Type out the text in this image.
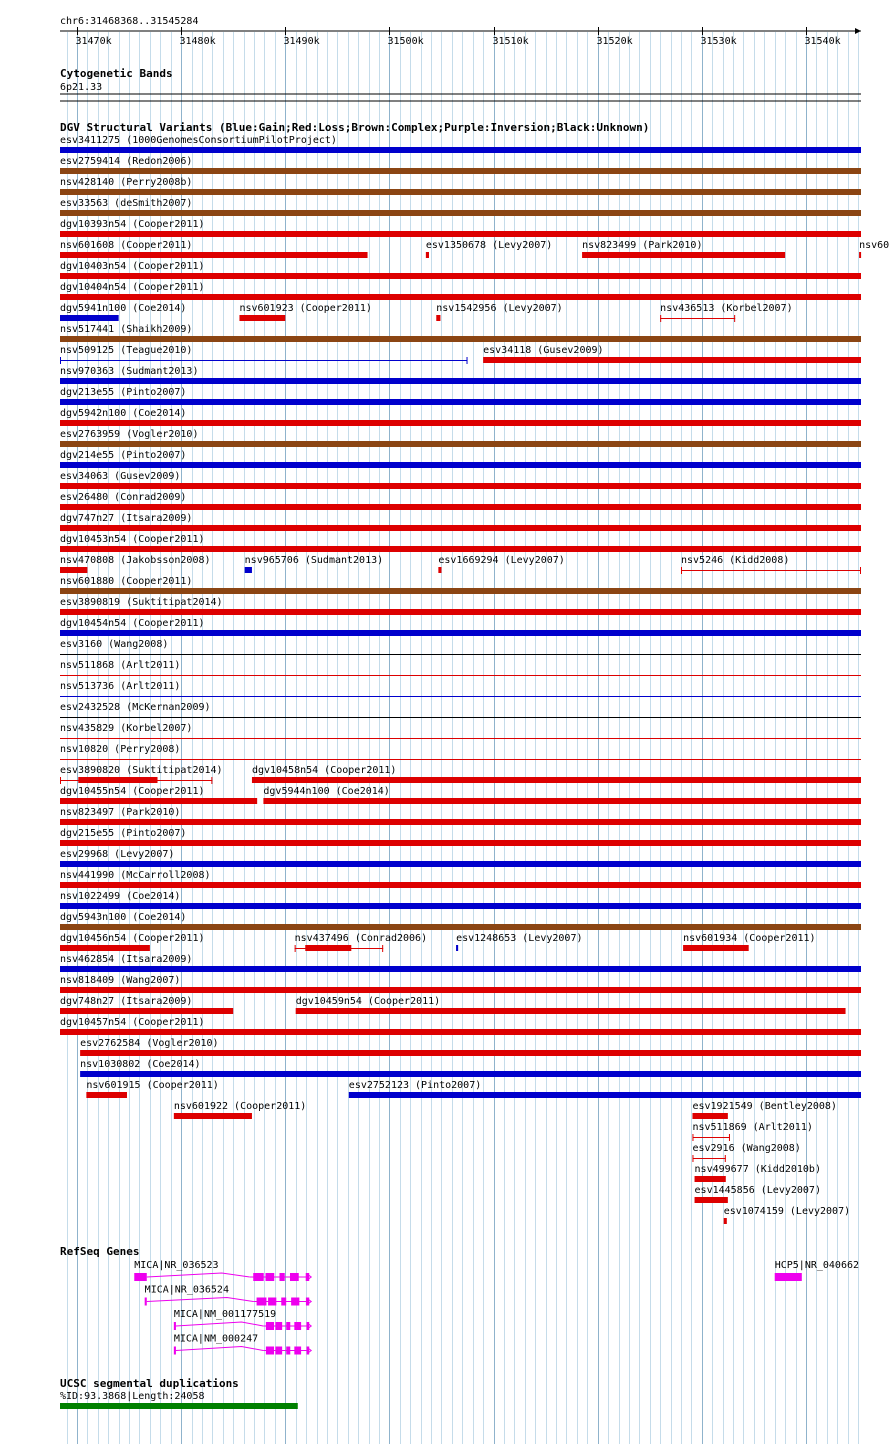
chr6:31468368..31545284
31470k	31480k	31490k	31500k	31510k	31520k	31530k	31540k
Cytogenetic Bands
6p21.33
DGV Structural Variants (Blue:Gain;Red:Loss;Brown:Complex;Purple:Inversion;Black:Unknown)
esv3411275 (1000GenomesConsortiumPilotProject)
esv2759414 (Redon2006)
nsv428140 (Perry2008b)
esv33563 (deSmith2007)
dgv10393n54 (Cooper2011)
nsv601608 (Cooper2011)	esv1350678 (Levy2007)	nsv823499 (Park2010)	nsv60
dgv10403n54 (Cooper2011)
dgv10404n54 (Cooper2011)
dgv5941n100 (Coe2014)	nsv601923 (Cooper2011)	nsv1542956 (Levy2007)	nsv436513 (Korbel2007)
nsv517441 (Shaikh2009)
nsv509125 (Teague2010)	esv34118 (Gusev2009)
nsv970363 (Sudmant2013)
dgv213e55 (Pinto2007)
dgv5942n100 (Coe2014)
esv2763959 (Vogler2010)
dgv214e55 (Pinto2007)
esv34063 (Gusev2009)
esv26480 (Conrad2009)
dgv747n27 (Itsara2009)
dgv10453n54 (Cooper2011)
nsv470808 (Jakobsson2008)	nsv965706 (Sudmant2013)	esv1669294 (Levy2007)	nsv5246 (Kidd2008)
nsv601880 (Cooper2011)
esv3890819 (Suktitipat2014)
dgv10454n54 (Cooper2011)
esv3160 (Wang2008)
nsv511868 (Arlt2011)
nsv513736 (Arlt2011)
esv2432528 (McKernan2009)
nsv435829 (Korbel2007)
nsv10820 (Perry2008)
esv3890820 (Suktitipat2014)	dgv10458n54 (Cooper2011)
dgv10455n54 (Cooper2011)	dgv5944n100 (Coe2014)
nsv823497 (Park2010)
dgv215e55 (Pinto2007)
esv29968 (Levy2007)
nsv441990 (McCarroll2008)
nsv1022499 (Coe2014)
dgv5943n100 (Coe2014)
dgv10456n54 (Cooper2011)	nsv437496 (Conrad2006)	esv1248653 (Levy2007)	nsv601934 (Cooper2011)
nsv462854 (Itsara2009)
nsv818409 (Wang2007)
dgv748n27 (Itsara2009)	dgv10459n54 (Cooper2011)
dgv10457n54 (Cooper2011)
esv2762584 (Vogler2010)
nsv1030802 (Coe2014)
nsv601915 (Cooper2011)	esv2752123 (Pinto2007)
nsv601922 (Cooper2011)	esv1921549 (Bentley2008)
nsv511869 (Arlt2011)
esv2916 (Wang2008)
nsv499677 (Kidd2010b)
esv1445856 (Levy2007)
esv1074159 (Levy2007)
RefSeq Genes
MICA|NR_036523
MICA|NR_036524
MICA|NM_001177519
MICA|NM_000247
HCP5|NR_040662
UCSC segmental duplications
%ID:93.3868|Length:24058
